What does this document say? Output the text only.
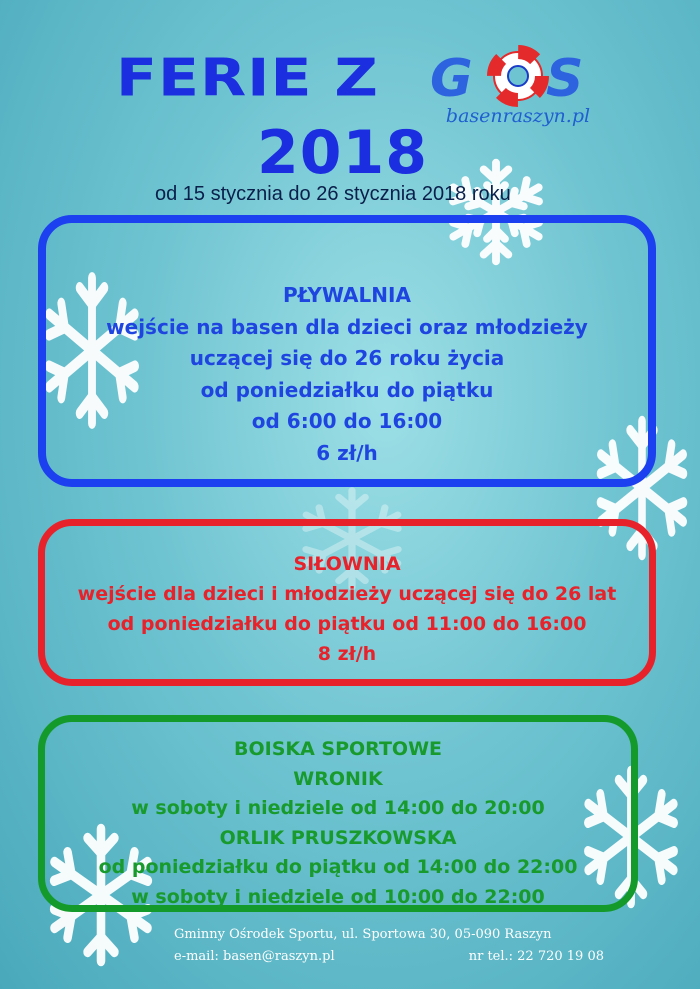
FERIE Z
2018
od 15 stycznia do 26 stycznia 2018 roku
G S
basenraszyn.pl
PŁYWALNIA
wejście na basen dla dzieci oraz młodzieży
uczącej się do 26 roku życia
od poniedziałku do piątku
od 6:00 do 16:00
6 zł/h
SIŁOWNIA
wejście dla dzieci i młodzieży uczącej się do 26 lat
od poniedziałku do piątku od 11:00 do 16:00
8 zł/h
BOISKA SPORTOWE
WRONIK
w soboty i niedziele od 14:00 do 20:00
ORLIK PRUSZKOWSKA
od poniedziałku do piątku od 14:00 do 22:00
w soboty i niedziele od 10:00 do 22:00
Gminny Ośrodek Sportu, ul. Sportowa 30, 05-090 Raszyn
e-mail: basen@raszyn.pl	nr tel.: 22 720 19 08
